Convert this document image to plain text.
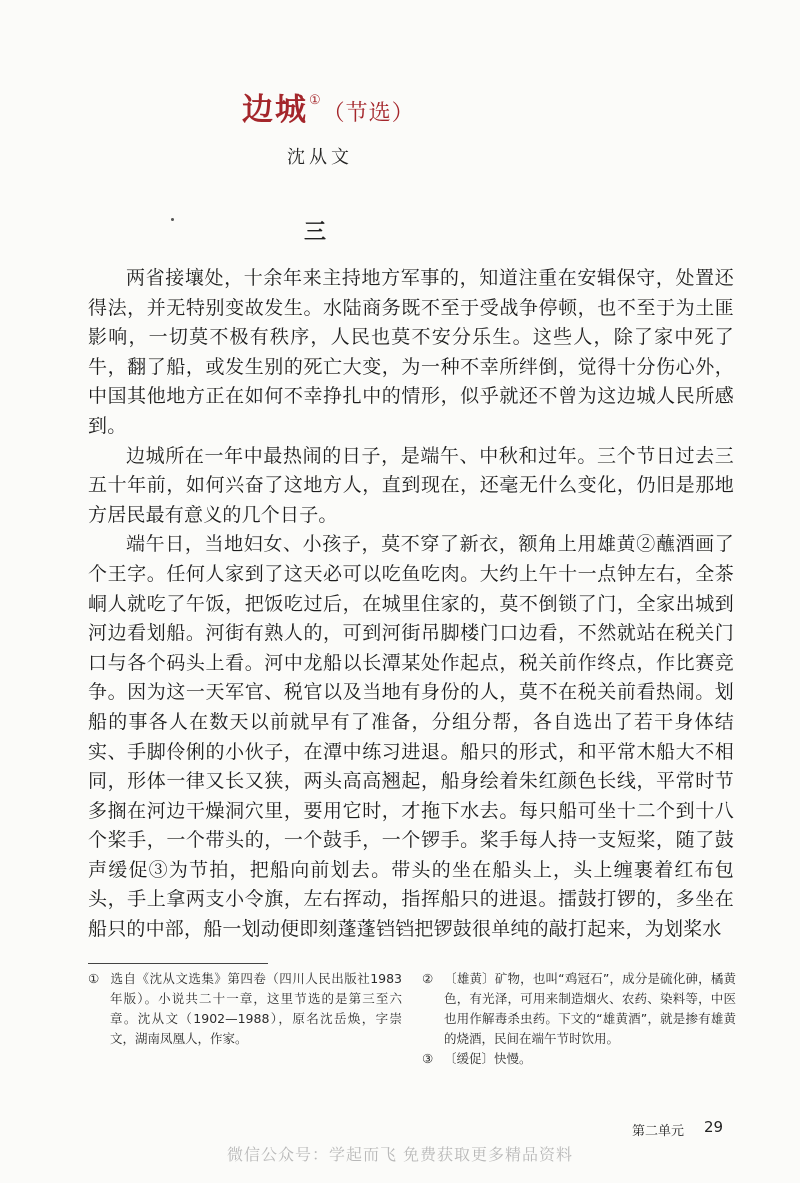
边城①（节选）
沈从文
三

两省接壤处，十余年来主持地方军事的，知道注重在安辑保守，处置还得法，并无特别变故发生。水陆商务既不至于受战争停顿，也不至于为土匪影响，一切莫不极有秩序，人民也莫不安分乐生。这些人，除了家中死了牛，翻了船，或发生别的死亡大变，为一种不幸所绊倒，觉得十分伤心外，中国其他地方正在如何不幸挣扎中的情形，似乎就还不曾为这边城人民所感到。

边城所在一年中最热闹的日子，是端午、中秋和过年。三个节日过去三五十年前，如何兴奋了这地方人，直到现在，还毫无什么变化，仍旧是那地方居民最有意义的几个日子。

端午日，当地妇女、小孩子，莫不穿了新衣，额角上用雄黄②蘸酒画了个王字。任何人家到了这天必可以吃鱼吃肉。大约上午十一点钟左右，全茶峒人就吃了午饭，把饭吃过后，在城里住家的，莫不倒锁了门，全家出城到河边看划船。河街有熟人的，可到河街吊脚楼门口边看，不然就站在税关门口与各个码头上看。河中龙船以长潭某处作起点，税关前作终点，作比赛竞争。因为这一天军官、税官以及当地有身份的人，莫不在税关前看热闹。划船的事各人在数天以前就早有了准备，分组分帮，各自选出了若干身体结实、手脚伶俐的小伙子，在潭中练习进退。船只的形式，和平常木船大不相同，形体一律又长又狭，两头高高翘起，船身绘着朱红颜色长线，平常时节多搁在河边干燥洞穴里，要用它时，才拖下水去。每只船可坐十二个到十八个桨手，一个带头的，一个鼓手，一个锣手。桨手每人持一支短桨，随了鼓声缓促③为节拍，把船向前划去。带头的坐在船头上，头上缠裹着红布包头，手上拿两支小令旗，左右挥动，指挥船只的进退。擂鼓打锣的，多坐在船只的中部，船一划动便即刻蓬蓬铛铛把锣鼓很单纯的敲打起来，为划桨水

① 选自《沈从文选集》第四卷（四川人民出版社1983年版）。小说共二十一章，这里节选的是第三至六章。沈从文（1902—1988），原名沈岳焕，字崇文，湖南凤凰人，作家。

② 〔雄黄〕矿物，也叫“鸡冠石”，成分是硫化砷，橘黄色，有光泽，可用来制造烟火、农药、染料等，中医也用作解毒杀虫药。下文的“雄黄酒”，就是掺有雄黄的烧酒，民间在端午节时饮用。

③ 〔缓促〕快慢。

第二单元 29
微信公众号：学起而飞 免费获取更多精品资料
